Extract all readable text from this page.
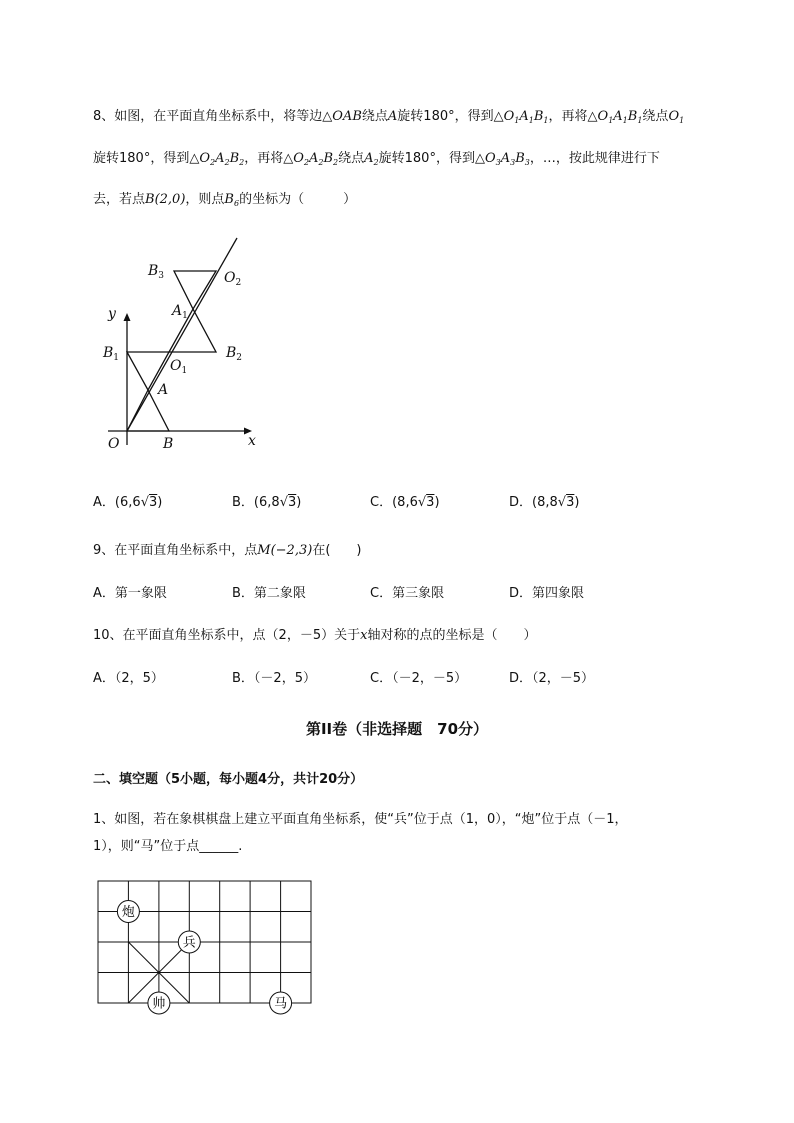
8、如图，在平面直角坐标系中，将等边△OAB绕点A旋转180°，得到$\triangle O_1A_1B_1$，再将$\triangle O_1A_1B_1$绕点$O_1$
旋转180°，得到$\triangle O_2A_2B_2$，再将$\triangle O_2A_2B_2$绕点$A_2$旋转180°，得到$\triangle O_3A_3B_3$，…，按此规律进行下
去，若点B(2,0)，则点$B_6$的坐标为（　　　）
y
x
O	B
A
$B_1$	$O_1$
$A_1$
$B_2$
$B_3$	$O_2$
A．(6,6√3)	B．(6,8√3)	C．(8,6√3)	D．(8,8√3)
9、在平面直角坐标系中，点M(−2,3)在(　　)
A．第一象限	B．第二象限	C．第三象限	D．第四象限
10、在平面直角坐标系中，点（2，－5）关于x轴对称的点的坐标是（　　）
A．（2，5）	B．（－2，5）	C．（－2，－5）	D．（2，－5）
第II卷（非选择题　70分）
二、填空题（5小题，每小题4分，共计20分）
1、如图，若在象棋棋盘上建立平面直角坐标系，使“兵”位于点（1，0），“炮”位于点（－1，
1），则“马”位于点______.
炮
兵
帅	马
